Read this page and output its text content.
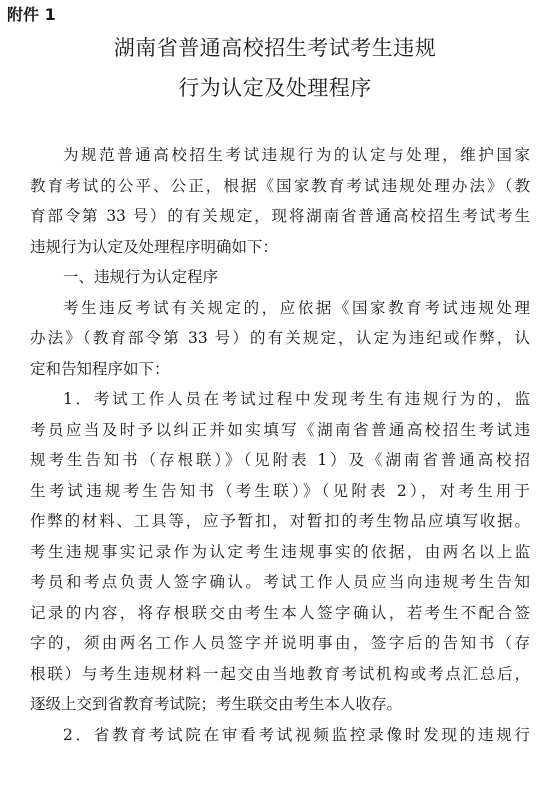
附件 1

湖南省普通高校招生考试考生违规
行为认定及处理程序
为规范普通高校招生考试违规行为的认定与处理，维护国家
教育考试的公平、公正，根据《国家教育考试违规处理办法》（教
育部令第 33 号）的有关规定，现将湖南省普通高校招生考试考生
违规行为认定及处理程序明确如下：
一、违规行为认定程序
考生违反考试有关规定的，应依据《国家教育考试违规处理
办法》（教育部令第 33 号）的有关规定，认定为违纪或作弊，认
定和告知程序如下：
1．考试工作人员在考试过程中发现考生有违规行为的，监
考员应当及时予以纠正并如实填写《湖南省普通高校招生考试违
规考生告知书（存根联）》（见附表 1）及《湖南省普通高校招
生考试违规考生告知书（考生联）》（见附表 2），对考生用于
作弊的材料、工具等，应予暂扣，对暂扣的考生物品应填写收据。
考生违规事实记录作为认定考生违规事实的依据，由两名以上监
考员和考点负责人签字确认。考试工作人员应当向违规考生告知
记录的内容，将存根联交由考生本人签字确认，若考生不配合签
字的，须由两名工作人员签字并说明事由，签字后的告知书（存
根联）与考生违规材料一起交由当地教育考试机构或考点汇总后，
逐级上交到省教育考试院；考生联交由考生本人收存。
2．省教育考试院在审看考试视频监控录像时发现的违规行
